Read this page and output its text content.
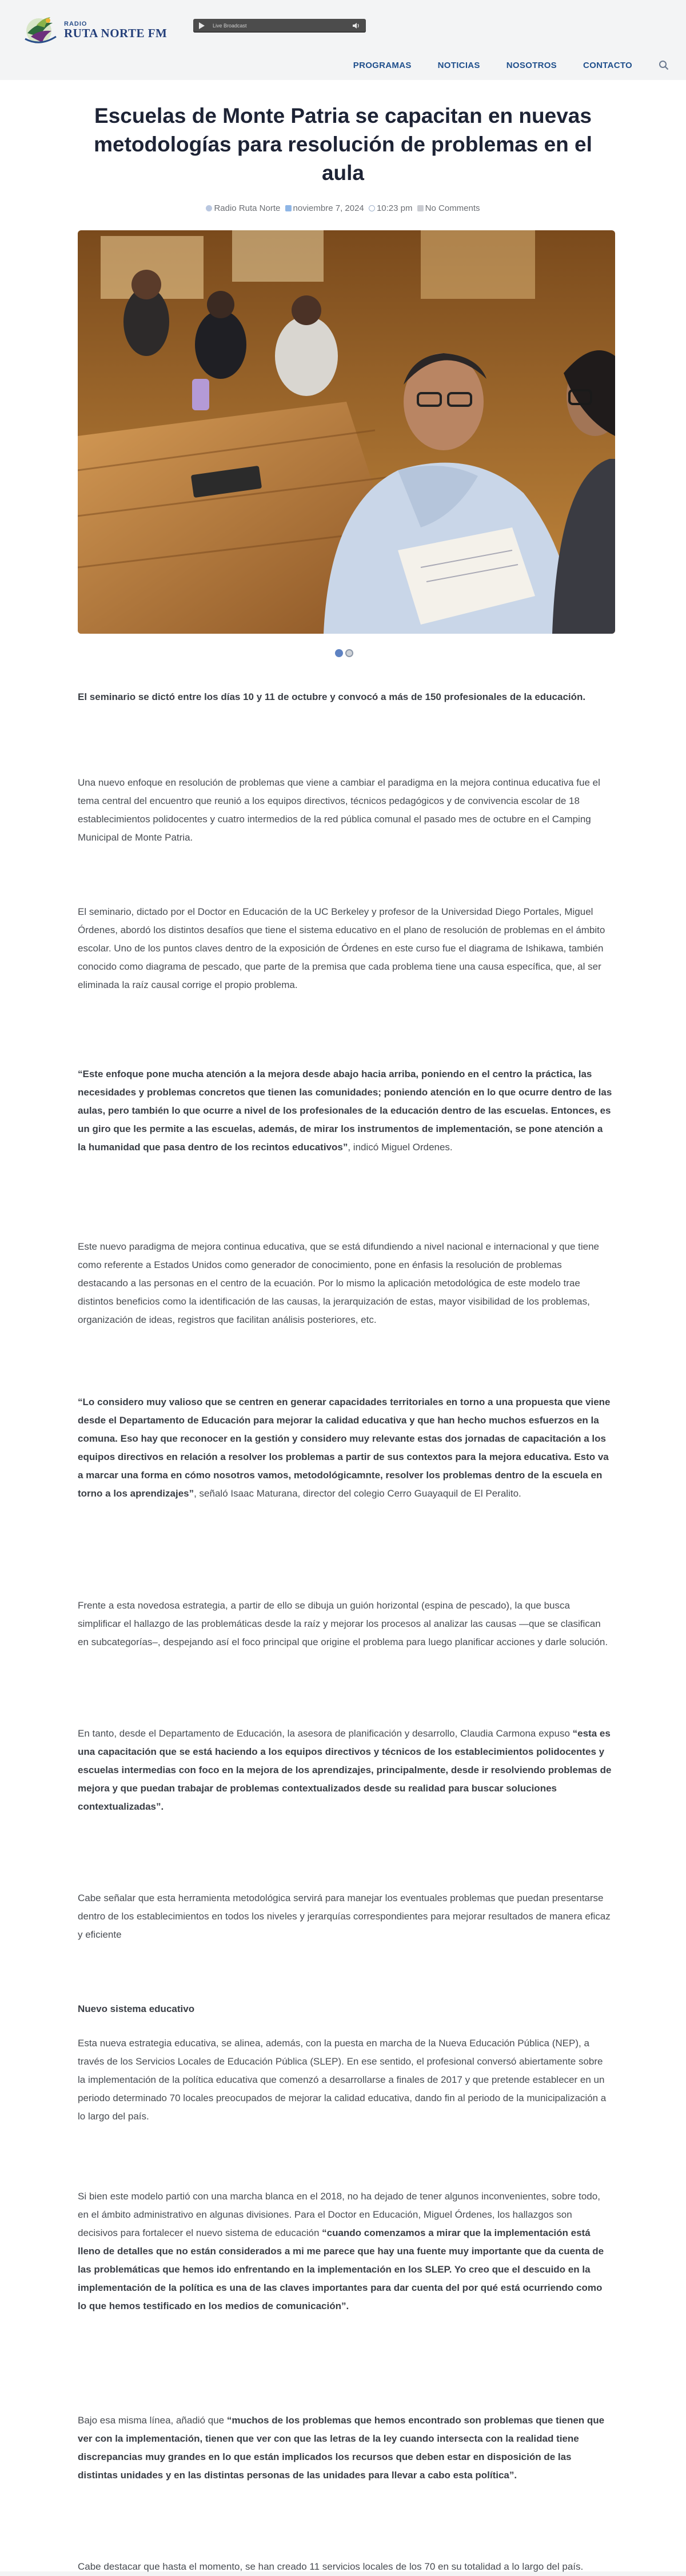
RADIO
RUTA NORTE FM
Live Broadcast
PROGRAMAS	NOTICIAS	NOSOTROS	CONTACTO
Escuelas de Monte Patria se capacitan en nuevas metodologías para resolución de problemas en el aula
Radio Ruta Norte
noviembre 7, 2024
10:23 pm
No Comments

El seminario se dictó entre los días 10 y 11 de octubre y convocó a más de 150 profesionales de la educación.

Una nuevo enfoque en resolución de problemas que viene a cambiar el paradigma en la mejora continua educativa fue el tema central del encuentro que reunió a los equipos directivos, técnicos pedagógicos y de convivencia escolar de 18 establecimientos polidocentes y cuatro intermedios de la red pública comunal el pasado mes de octubre en el Camping Municipal de Monte Patria.

El seminario, dictado por el Doctor en Educación de la UC Berkeley y profesor de la Universidad Diego Portales, Miguel Órdenes, abordó los distintos desafíos que tiene el sistema educativo en el plano de resolución de problemas en el ámbito escolar. Uno de los puntos claves dentro de la exposición de Órdenes en este curso fue el diagrama de Ishikawa, también conocido como diagrama de pescado, que parte de la premisa que cada problema tiene una causa específica, que, al ser eliminada la raíz causal corrige el propio problema.

“Este enfoque pone mucha atención a la mejora desde abajo hacia arriba, poniendo en el centro la práctica, las necesidades y problemas concretos que tienen las comunidades; poniendo atención en lo que ocurre dentro de las aulas, pero también lo que ocurre a nivel de los profesionales de la educación dentro de las escuelas. Entonces, es un giro que les permite a las escuelas, además, de mirar los instrumentos de implementación, se pone atención a la humanidad que pasa dentro de los recintos educativos”, indicó Miguel Ordenes.

Este nuevo paradigma de mejora continua educativa, que se está difundiendo a nivel nacional e internacional y que tiene como referente a Estados Unidos como generador de conocimiento, pone en énfasis la resolución de problemas destacando a las personas en el centro de la ecuación. Por lo mismo la aplicación metodológica de este modelo trae distintos beneficios como la identificación de las causas, la jerarquización de estas, mayor visibilidad de los problemas, organización de ideas, registros que facilitan análisis posteriores, etc.

“Lo considero muy valioso que se centren en generar capacidades territoriales en torno a una propuesta que viene desde el Departamento de Educación para mejorar la calidad educativa y que han hecho muchos esfuerzos en la comuna. Eso hay que reconocer en la gestión y considero muy relevante estas dos jornadas de capacitación a los equipos directivos en relación a resolver los problemas a partir de sus contextos para la mejora educativa. Esto va a marcar una forma en cómo nosotros vamos, metodológicamnte, resolver los problemas dentro de la escuela en torno a los aprendizajes”, señaló Isaac Maturana, director del colegio Cerro Guayaquil de El Peralito.

Frente a esta novedosa estrategia, a partir de ello se dibuja un guión horizontal (espina de pescado), la que busca simplificar el hallazgo de las problemáticas desde la raíz y mejorar los procesos al analizar las causas —que se clasifican en subcategorías–, despejando así el foco principal que origine el problema para luego planificar acciones y darle solución.

En tanto, desde el Departamento de Educación, la asesora de planificación y desarrollo, Claudia Carmona expuso “esta es una capacitación que se está haciendo a los equipos directivos y técnicos de los establecimientos polidocentes y escuelas intermedias con foco en la mejora de los aprendizajes, principalmente, desde ir resolviendo problemas de mejora y que puedan trabajar de problemas contextualizados desde su realidad para buscar soluciones contextualizadas”.

Cabe señalar que esta herramienta metodológica servirá para manejar los eventuales problemas que puedan presentarse dentro de los establecimientos en todos los niveles y jerarquías correspondientes para mejorar resultados de manera eficaz y eficiente

Nuevo sistema educativo

Esta nueva estrategia educativa, se alinea, además, con la puesta en marcha de la Nueva Educación Pública (NEP), a través de los Servicios Locales de Educación Pública (SLEP). En ese sentido, el profesional conversó abiertamente sobre la implementación de la política educativa que comenzó a desarrollarse a finales de 2017 y que pretende establecer en un periodo determinado 70 locales preocupados de mejorar la calidad educativa, dando fin al periodo de la municipalización a lo largo del país.

Si bien este modelo partió con una marcha blanca en el 2018, no ha dejado de tener algunos inconvenientes, sobre todo, en el ámbito administrativo en algunas divisiones. Para el Doctor en Educación, Miguel Órdenes, los hallazgos son decisivos para fortalecer el nuevo sistema de educación “cuando comenzamos a mirar que la implementación está lleno de detalles que no están considerados a mi me parece que hay una fuente muy importante que da cuenta de las problemáticas que hemos ido enfrentando en la implementación en los SLEP. Yo creo que el descuido en la implementación de la política es una de las claves importantes para dar cuenta del por qué está ocurriendo como lo que hemos testificado en los medios de comunicación”.

Bajo esa misma línea, añadió que “muchos de los problemas que hemos encontrado son problemas que tienen que ver con la implementación, tienen que ver con que las letras de la ley cuando intersecta con la realidad tiene discrepancias muy grandes en lo que están implicados los recursos que deben estar en disposición de las distintas unidades y en las distintas personas de las unidades para llevar a cabo esta política”.

Cabe destacar que hasta el momento, se han creado 11 servicios locales de los 70 en su totalidad a lo largo del país.
